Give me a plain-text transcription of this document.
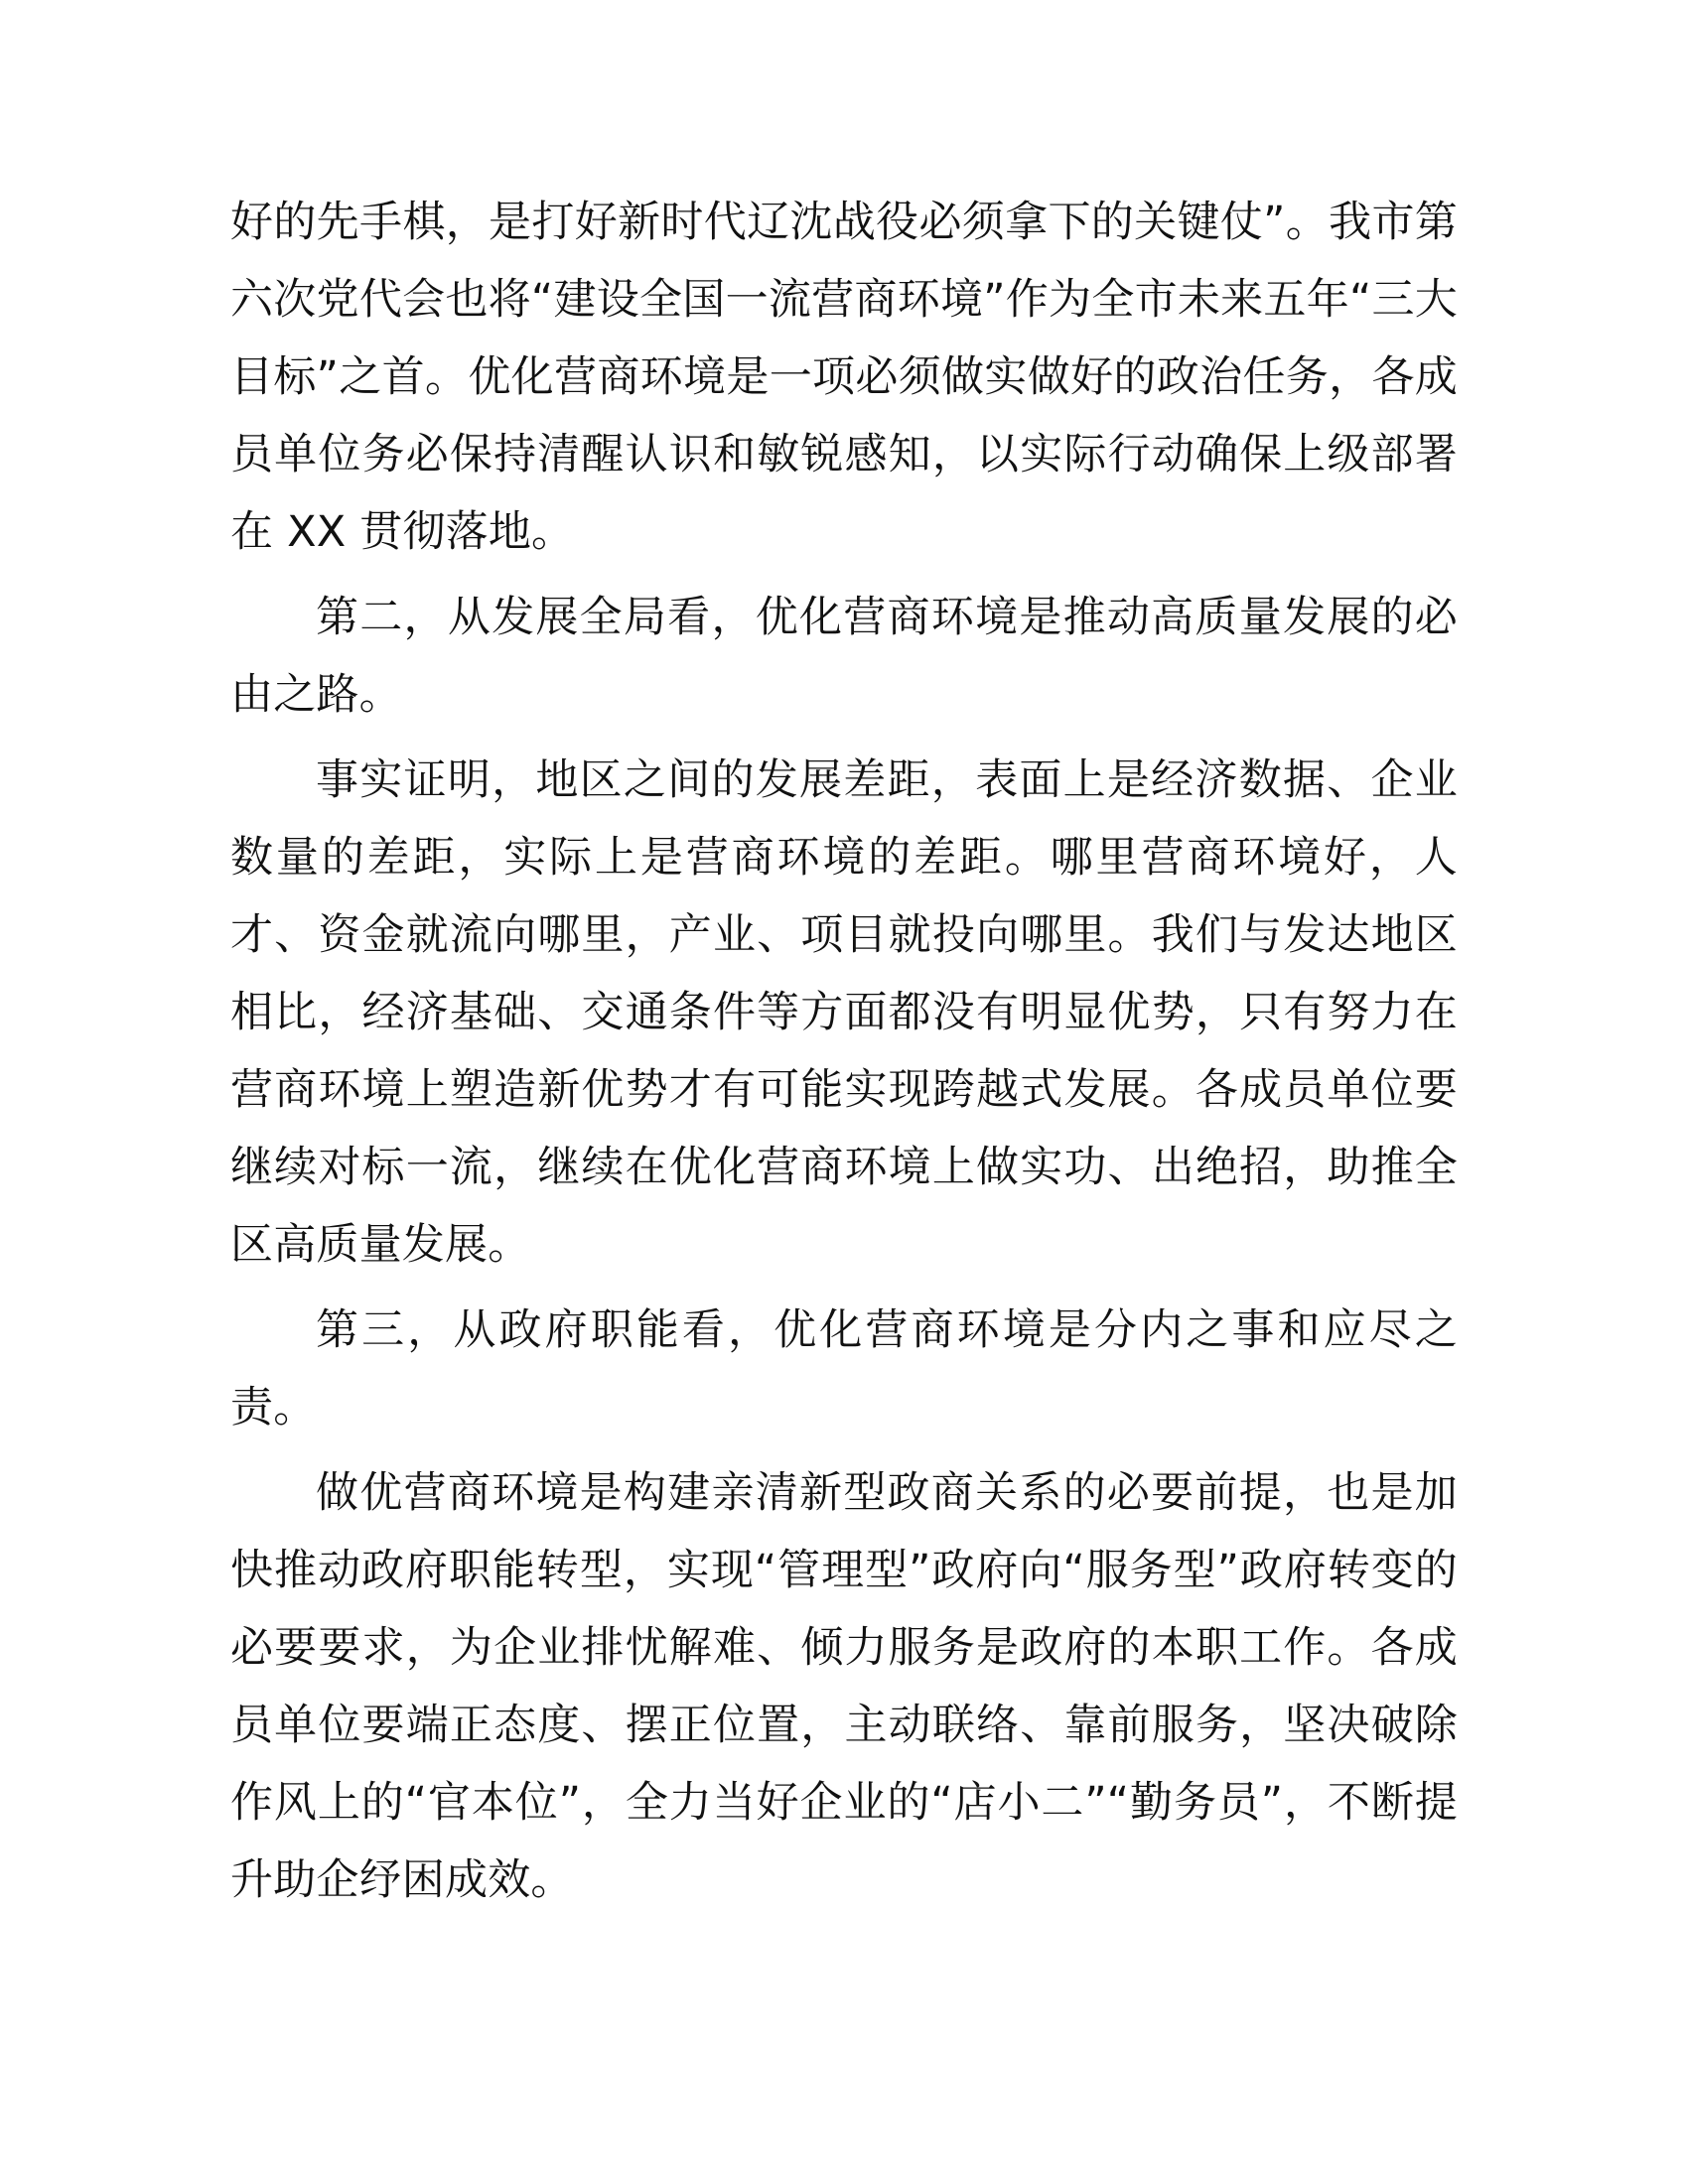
好的先手棋，是打好新时代辽沈战役必须拿下的关键仗”。我市第六次党代会也将“建设全国一流营商环境”作为全市未来五年“三大目标”之首。优化营商环境是一项必须做实做好的政治任务，各成员单位务必保持清醒认识和敏锐感知，以实际行动确保上级部署在 XX 贯彻落地。

第二，从发展全局看，优化营商环境是推动高质量发展的必由之路。

事实证明，地区之间的发展差距，表面上是经济数据、企业数量的差距，实际上是营商环境的差距。哪里营商环境好，人才、资金就流向哪里，产业、项目就投向哪里。我们与发达地区相比，经济基础、交通条件等方面都没有明显优势，只有努力在营商环境上塑造新优势才有可能实现跨越式发展。各成员单位要继续对标一流，继续在优化营商环境上做实功、出绝招，助推全区高质量发展。

第三，从政府职能看，优化营商环境是分内之事和应尽之责。

做优营商环境是构建亲清新型政商关系的必要前提，也是加快推动政府职能转型，实现“管理型”政府向“服务型”政府转变的必要要求，为企业排忧解难、倾力服务是政府的本职工作。各成员单位要端正态度、摆正位置，主动联络、靠前服务，坚决破除作风上的“官本位”，全力当好企业的“店小二”“勤务员”，不断提升助企纾困成效。
